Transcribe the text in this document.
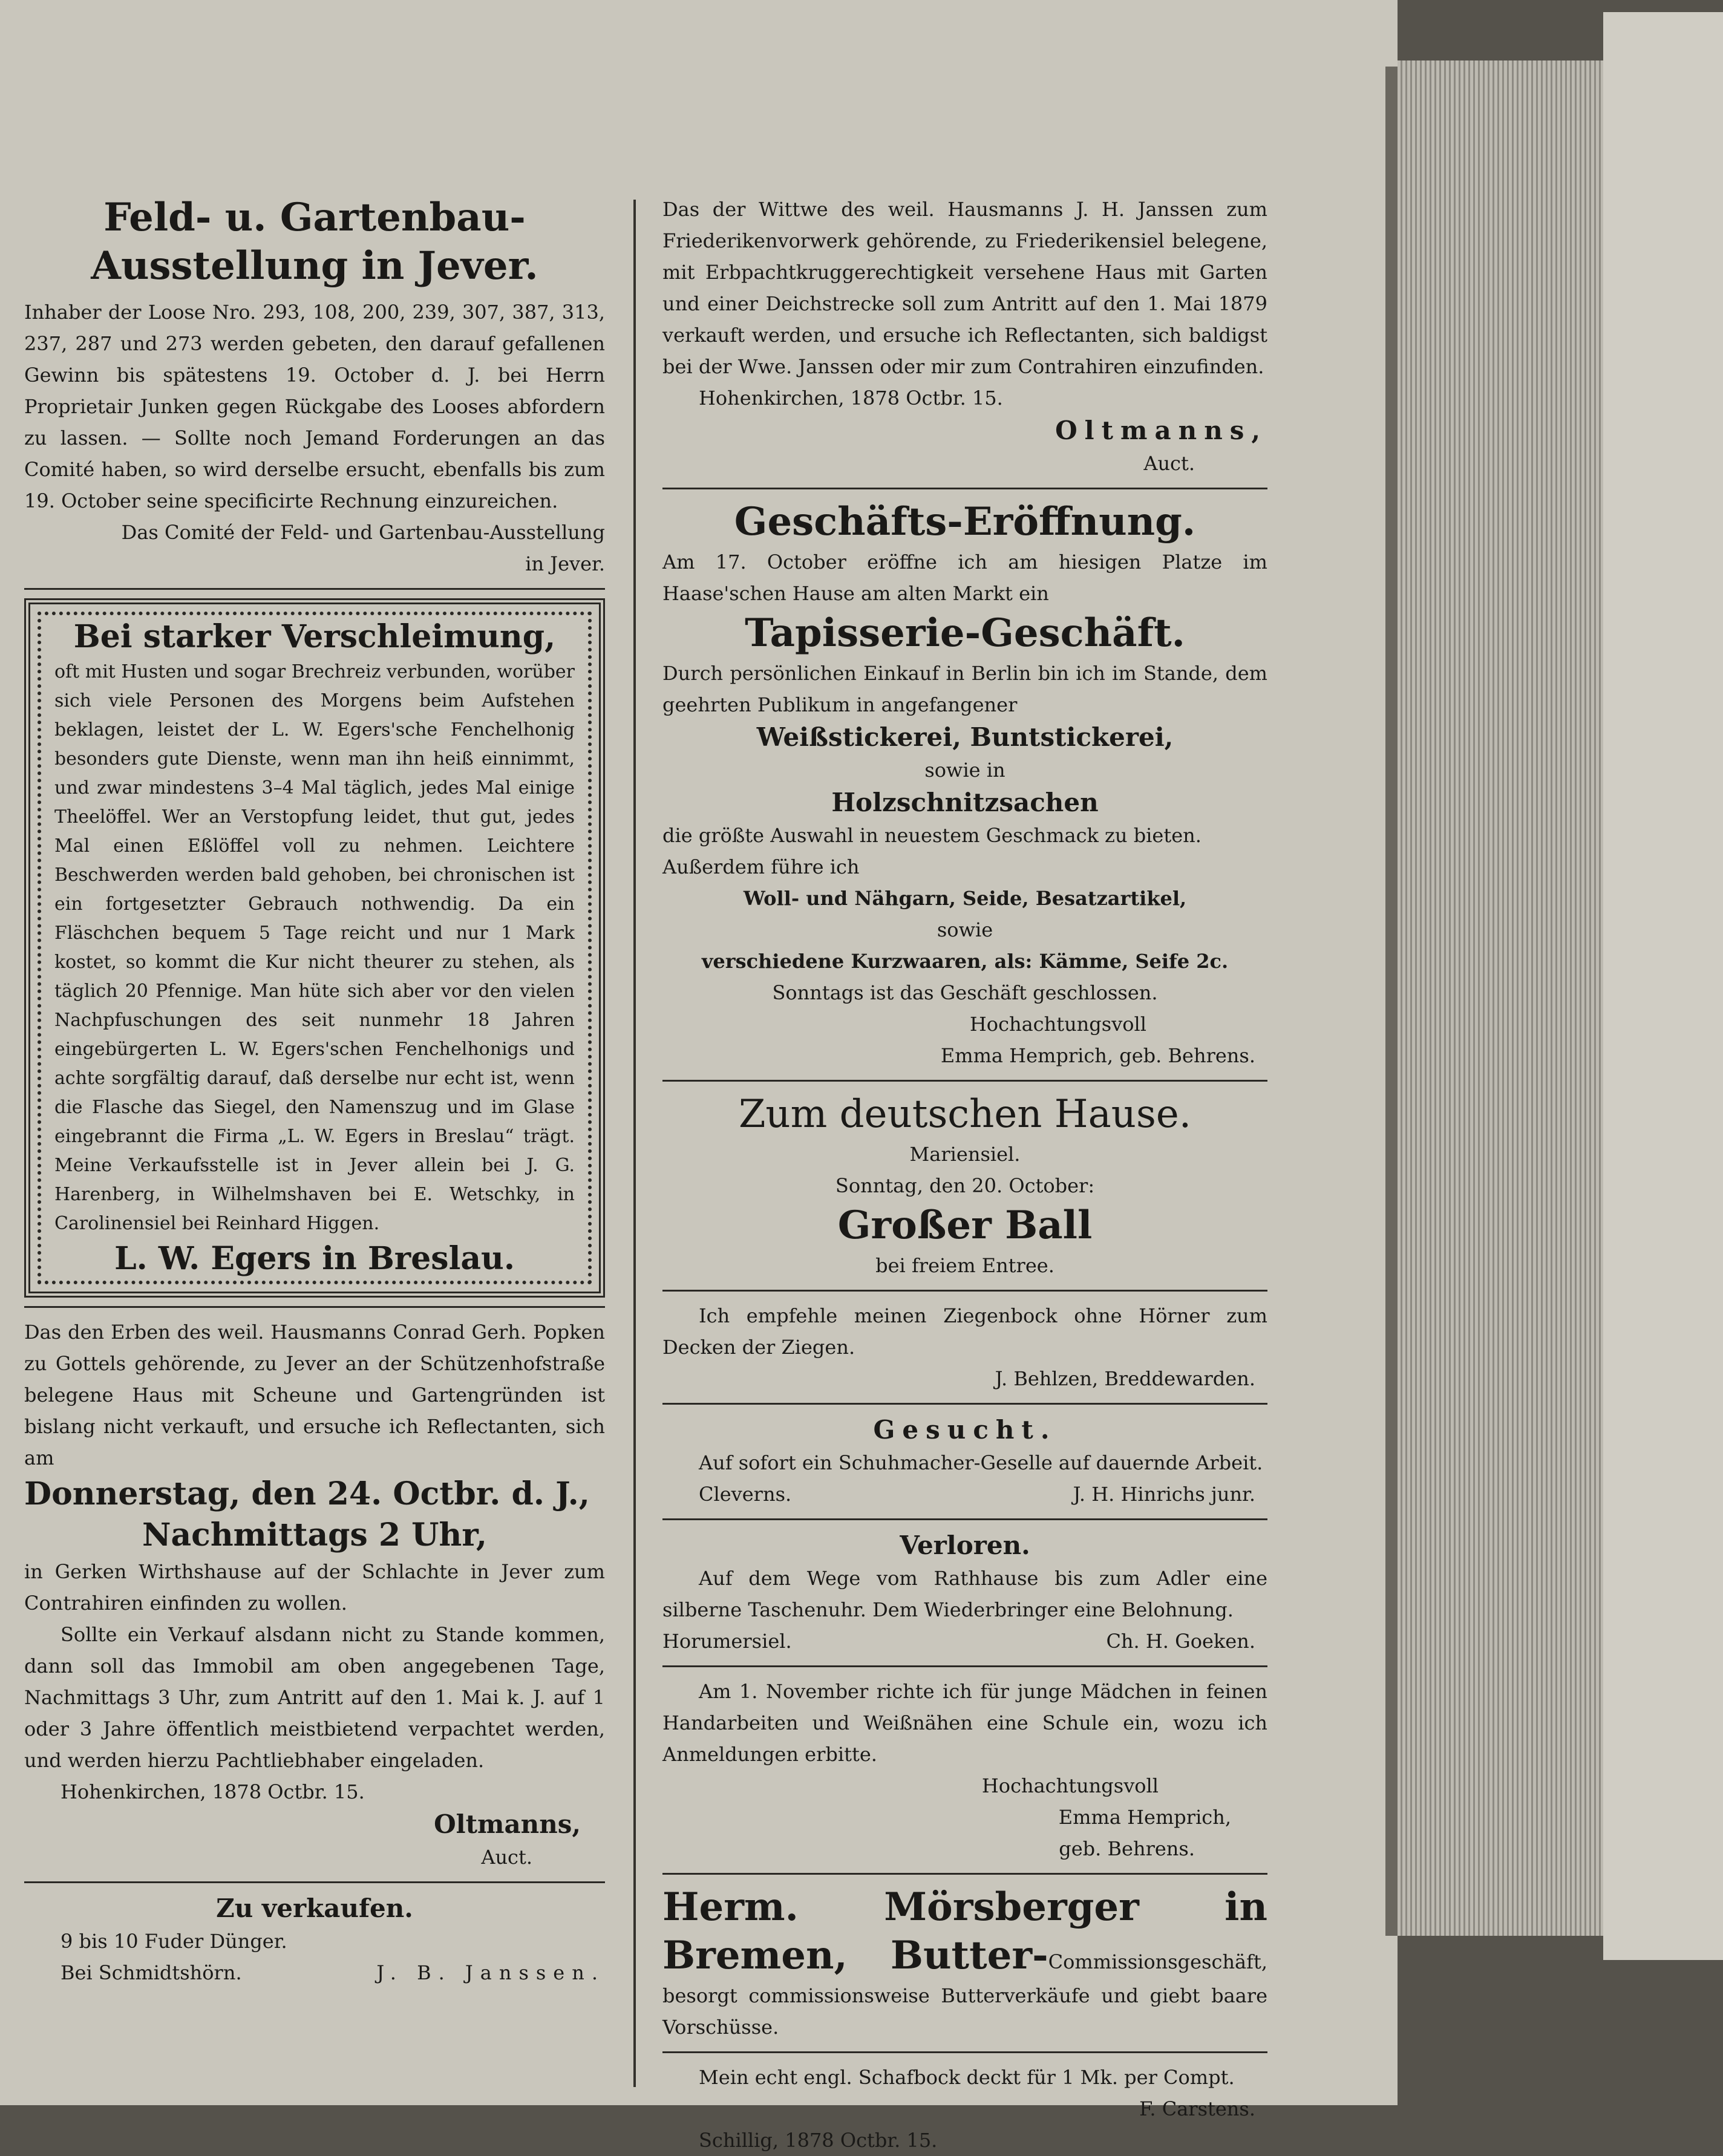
Feld- u. Gartenbau-Ausstellung in Jever.

Inhaber der Loose Nro. 293, 108, 200, 239, 307, 387, 313, 237, 287 und 273 werden gebeten, den darauf gefallenen Gewinn bis spätestens 19. October d. J. bei Herrn Proprietair Junken gegen Rückgabe des Looses abfordern zu lassen. — Sollte noch Jemand Forderungen an das Comité haben, so wird derselbe ersucht, ebenfalls bis zum 19. October seine specificirte Rechnung einzureichen.

Das Comité der Feld- und Gartenbau-Ausstellung in Jever.

Bei starker Verschleimung,

oft mit Husten und sogar Brechreiz verbunden, worüber sich viele Personen des Morgens beim Aufstehen beklagen, leistet der L. W. Egers'sche Fenchelhonig besonders gute Dienste, wenn man ihn heiß einnimmt, und zwar mindestens 3–4 Mal täglich, jedes Mal einige Theelöffel. Wer an Verstopfung leidet, thut gut, jedes Mal einen Eßlöffel voll zu nehmen. Leichtere Beschwerden werden bald gehoben, bei chronischen ist ein fortgesetzter Gebrauch nothwendig. Da ein Fläschchen bequem 5 Tage reicht und nur 1 Mark kostet, so kommt die Kur nicht theurer zu stehen, als täglich 20 Pfennige. Man hüte sich aber vor den vielen Nachpfuschungen des seit nunmehr 18 Jahren eingebürgerten L. W. Egers'schen Fenchelhonigs und achte sorgfältig darauf, daß derselbe nur echt ist, wenn die Flasche das Siegel, den Namenszug und im Glase eingebrannt die Firma „L. W. Egers in Breslau“ trägt. Meine Verkaufsstelle ist in Jever allein bei J. G. Harenberg, in Wilhelmshaven bei E. Wetschky, in Carolinensiel bei Reinhard Higgen.

L. W. Egers in Breslau.

Das den Erben des weil. Hausmanns Conrad Gerh. Popken zu Gottels gehörende, zu Jever an der Schützenhofstraße belegene Haus mit Scheune und Gartengründen ist bislang nicht verkauft, und ersuche ich Reflectanten, sich am

Donnerstag, den 24. Octbr. d. J.,
Nachmittags 2 Uhr,

in Gerken Wirthshause auf der Schlachte in Jever zum Contrahiren einfinden zu wollen.

Sollte ein Verkauf alsdann nicht zu Stande kommen, dann soll das Immobil am oben angegebenen Tage, Nachmittags 3 Uhr, zum Antritt auf den 1. Mai k. J. auf 1 oder 3 Jahre öffentlich meistbietend verpachtet werden, und werden hierzu Pachtliebhaber eingeladen.

Hohenkirchen, 1878 Octbr. 15.

Oltmanns,

Auct.

Zu verkaufen.

9 bis 10 Fuder Dünger.

Bei Schmidtshörn.	J. B. Janssen.

Das der Wittwe des weil. Hausmanns J. H. Janssen zum Friederikenvorwerk gehörende, zu Friederikensiel belegene, mit Erbpachtkruggerechtigkeit versehene Haus mit Garten und einer Deichstrecke soll zum Antritt auf den 1. Mai 1879 verkauft werden, und ersuche ich Reflectanten, sich baldigst bei der Wwe. Janssen oder mir zum Contrahiren einzufinden.

Hohenkirchen, 1878 Octbr. 15.

Oltmanns,

Auct.

Geschäfts-Eröffnung.

Am 17. October eröffne ich am hiesigen Platze im Haase'schen Hause am alten Markt ein

Tapisserie-Geschäft.

Durch persönlichen Einkauf in Berlin bin ich im Stande, dem geehrten Publikum in angefangener

Weißstickerei, Buntstickerei,

sowie in

Holzschnitzsachen

die größte Auswahl in neuestem Geschmack zu bieten.

Außerdem führe ich

Woll- und Nähgarn, Seide, Besatzartikel,

sowie

verschiedene Kurzwaaren, als: Kämme, Seife 2c.

Sonntags ist das Geschäft geschlossen.

Hochachtungsvoll

Emma Hemprich, geb. Behrens.

Zum deutschen Hause.

Mariensiel.

Sonntag, den 20. October:

Großer Ball

bei freiem Entree.

Ich empfehle meinen Ziegenbock ohne Hörner zum Decken der Ziegen.

J. Behlzen, Breddewarden.

Gesucht.

Auf sofort ein Schuhmacher-Geselle auf dauernde Arbeit.

Cleverns.	J. H. Hinrichs junr.
Verloren.

Auf dem Wege vom Rathhause bis zum Adler eine silberne Taschenuhr. Dem Wiederbringer eine Belohnung.

Horumersiel.	Ch. H. Goeken.

Am 1. November richte ich für junge Mädchen in feinen Handarbeiten und Weißnähen eine Schule ein, wozu ich Anmeldungen erbitte.

Hochachtungsvoll

Emma Hemprich,

geb. Behrens.

Herm. Mörsberger in Bremen, Butter-Commissionsgeschäft, besorgt commissionsweise Butterverkäufe und giebt baare Vorschüsse.

Mein echt engl. Schafbock deckt für 1 Mk. per Compt.

F. Carstens.

Schillig, 1878 Octbr. 15.
